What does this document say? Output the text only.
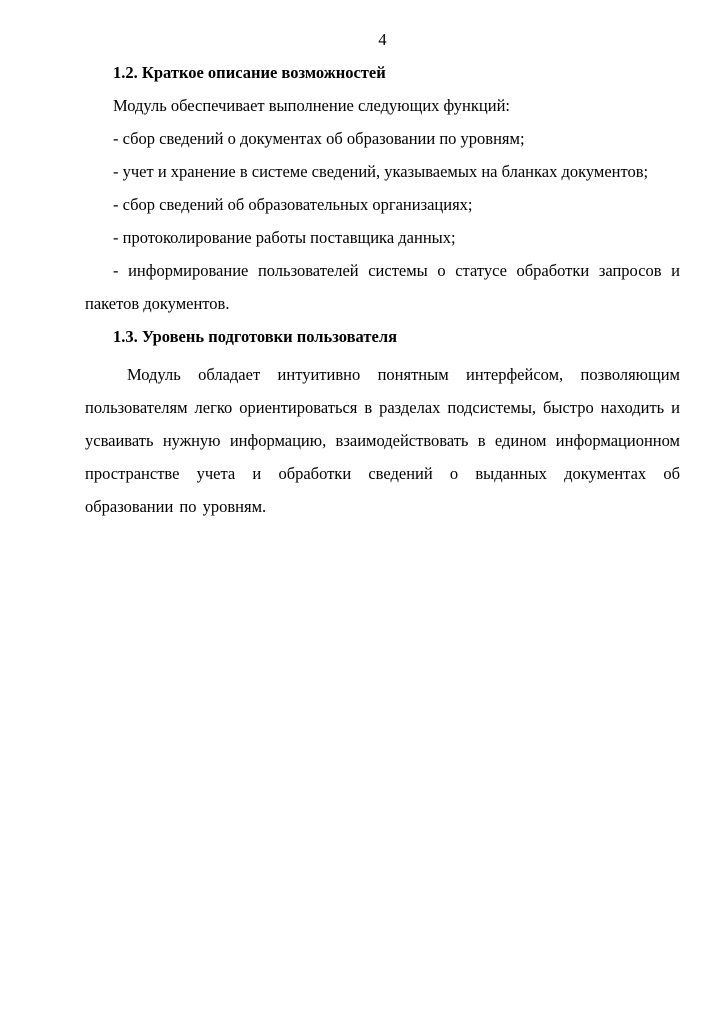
4
1.2. Краткое описание возможностей

Модуль обеспечивает выполнение следующих функций:

- сбор сведений о документах об образовании по уровням;

- учет и хранение в системе сведений, указываемых на бланках документов;

- сбор сведений об образовательных организациях;

- протоколирование работы поставщика данных;

- информирование пользователей системы о статусе обработки запросов и пакетов документов.

1.3. Уровень подготовки пользователя

Модуль обладает интуитивно понятным интерфейсом, позволяющим пользователям легко ориентироваться в разделах подсистемы, быстро находить и усваивать нужную информацию, взаимодействовать в едином информационном пространстве учета и обработки сведений о выданных документах об образовании по уровням.
